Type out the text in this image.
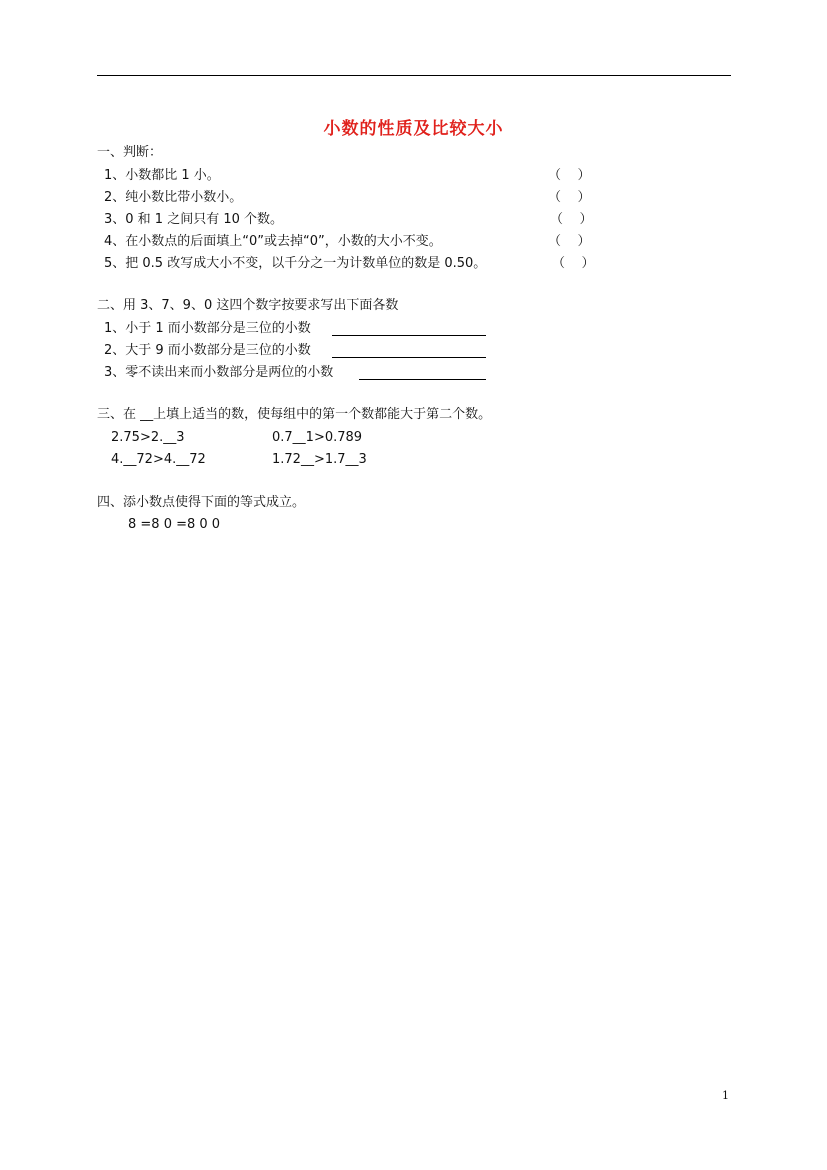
小数的性质及比较大小
一、判断：
1、小数都比 1 小。	（    ）
2、纯小数比带小数小。	（    ）
3、0 和 1 之间只有 10 个数。	（    ）
4、在小数点的后面填上“0”或去掉“0”，小数的大小不变。	（    ）
5、把 0.5 改写成大小不变，以千分之一为计数单位的数是 0.50。	（    ）
二、用 3、7、9、0 这四个数字按要求写出下面各数
1、小于 1 而小数部分是三位的小数
2、大于 9 而小数部分是三位的小数
3、零不读出来而小数部分是两位的小数
三、在 __上填上适当的数，使每组中的第一个数都能大于第二个数。
2.75>2.__3	0.7__1>0.789
4.__72>4.__72	1.72__>1.7__3
四、添小数点使得下面的等式成立。
8 =8 0 =8 0 0
1
